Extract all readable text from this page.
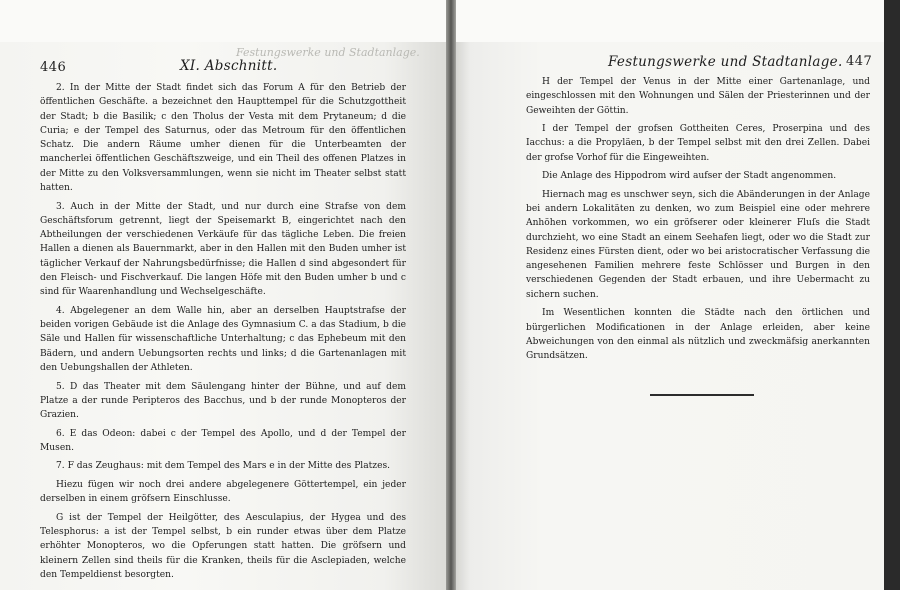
Festungswerke und Stadtanlage.
446	XI. Abschnitt.

2. In der Mitte der Stadt findet sich das Forum A für den Betrieb der öffentlichen Geschäfte. a bezeichnet den Haupttempel für die Schutzgottheit der Stadt; b die Basilik; c den Tholus der Vesta mit dem Prytaneum; d die Curia; e der Tempel des Saturnus, oder das Metroum für den öffentlichen Schatz. Die andern Räume umher dienen für die Unterbeamten der mancherlei öffentlichen Geschäftszweige, und ein Theil des offenen Platzes in der Mitte zu den Volksversammlungen, wenn sie nicht im Theater selbst statt hatten.

3. Auch in der Mitte der Stadt, und nur durch eine Strafse von dem Geschäftsforum getrennt, liegt der Speisemarkt B, eingerichtet nach den Abtheilungen der verschiedenen Verkäufe für das tägliche Leben. Die freien Hallen a dienen als Bauernmarkt, aber in den Hallen mit den Buden umher ist täglicher Verkauf der Nahrungsbedürfnisse; die Hallen d sind abgesondert für den Fleisch- und Fischverkauf. Die langen Höfe mit den Buden umher b und c sind für Waarenhandlung und Wechselgeschäfte.

4. Abgelegener an dem Walle hin, aber an derselben Hauptstrafse der beiden vorigen Gebäude ist die Anlage des Gymnasium C. a das Stadium, b die Säle und Hallen für wissenschaftliche Unterhaltung; c das Ephebeum mit den Bädern, und andern Uebungsorten rechts und links; d die Gartenanlagen mit den Uebungshallen der Athleten.

5. D das Theater mit dem Säulengang hinter der Bühne, und auf dem Platze a der runde Peripteros des Bacchus, und b der runde Monopteros der Grazien.

6. E das Odeon: dabei c der Tempel des Apollo, und d der Tempel der Musen.

7. F das Zeughaus: mit dem Tempel des Mars e in der Mitte des Platzes.

Hiezu fügen wir noch drei andere abgelegenere Göttertempel, ein jeder derselben in einem gröfsern Einschlusse.

G ist der Tempel der Heilgötter, des Aesculapius, der Hygea und des Telesphorus: a ist der Tempel selbst, b ein runder etwas über dem Platze erhöhter Monopteros, wo die Opferungen statt hatten. Die gröfsern und kleinern Zellen sind theils für die Kranken, theils für die Asclepiaden, welche den Tempeldienst besorgten.

Festungswerke und Stadtanlage. 447

H der Tempel der Venus in der Mitte einer Gartenanlage, und eingeschlossen mit den Wohnungen und Sälen der Priesterinnen und der Geweihten der Göttin.

I der Tempel der grofsen Gottheiten Ceres, Proserpina und des Iacchus: a die Propyläen, b der Tempel selbst mit den drei Zellen. Dabei der grofse Vorhof für die Eingeweihten.

Die Anlage des Hippodrom wird aufser der Stadt angenommen.

Hiernach mag es unschwer seyn, sich die Abänderungen in der Anlage bei andern Lokalitäten zu denken, wo zum Beispiel eine oder mehrere Anhöhen vorkommen, wo ein gröfserer oder kleinerer Fluſs die Stadt durchzieht, wo eine Stadt an einem Seehafen liegt, oder wo die Stadt zur Residenz eines Fürsten dient, oder wo bei aristocratischer Verfassung die angesehenen Familien mehrere feste Schlösser und Burgen in den verschiedenen Gegenden der Stadt erbauen, und ihre Uebermacht zu sichern suchen.

Im Wesentlichen konnten die Städte nach den örtlichen und bürgerlichen Modificationen in der Anlage erleiden, aber keine Abweichungen von den einmal als nützlich und zweckmäfsig anerkannten Grundsätzen.
